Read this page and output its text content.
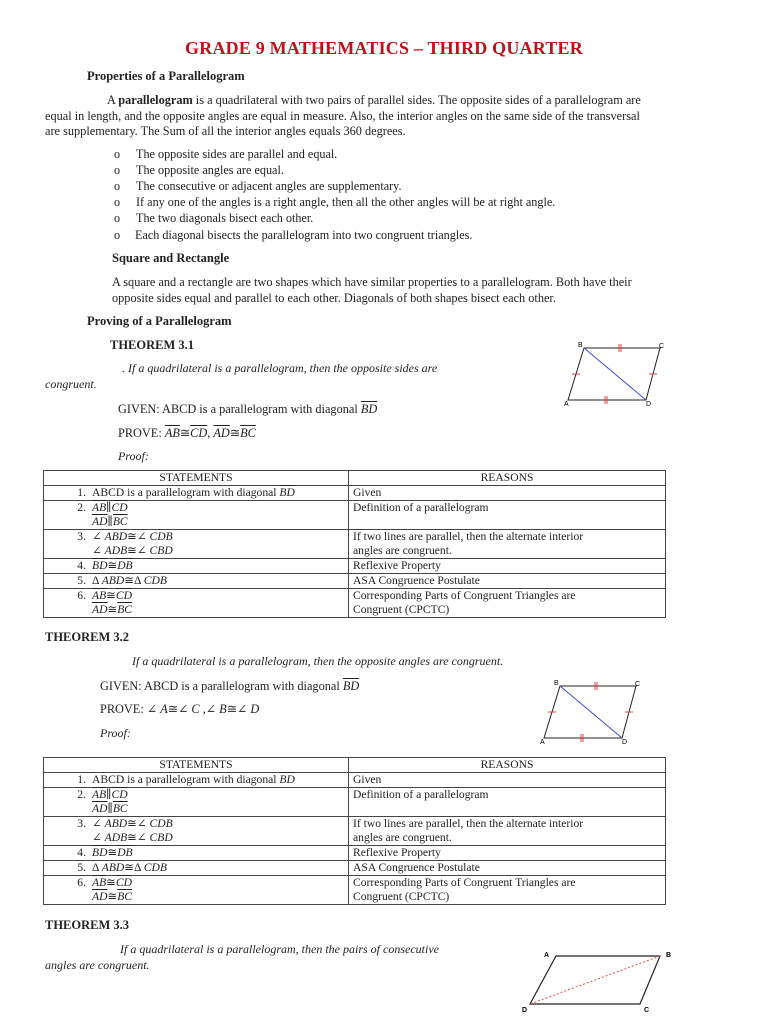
GRADE 9 MATHEMATICS – THIRD QUARTER
Properties of a Parallelogram
A parallelogram is a quadrilateral with two pairs of parallel sides. The opposite sides of a parallelogram are
equal in length, and the opposite angles are equal in measure. Also, the interior angles on the same side of the transversal
are supplementary. The Sum of all the interior angles equals 360 degrees.
o The opposite sides are parallel and equal.
o The opposite angles are equal.
o The consecutive or adjacent angles are supplementary.
o If any one of the angles is a right angle, then all the other angles will be at right angle.
o The two diagonals bisect each other.
o Each diagonal bisects the parallelogram into two congruent triangles.
Square and Rectangle
A square and a rectangle are two shapes which have similar properties to a parallelogram. Both have their
opposite sides equal and parallel to each other. Diagonals of both shapes bisect each other.
Proving of a Parallelogram
THEOREM 3.1
. If a quadrilateral is a parallelogram, then the opposite sides are
congruent.
GIVEN: ABCD is a parallelogram with diagonal $\overline{BD}$
PROVE: $\overline{AB}≅\overline{CD}$, $\overline{AD}≅\overline{BC}$
Proof:
B	C
A	D
STATEMENTS	REASONS
1. ABCD is a parallelogram with diagonal $\overline{BD}$	Given
2. $\overline{AB}\parallel\overline{CD}$
$\overline{AD}\parallel\overline{BC}$	Definition of a parallelogram
3. ∠ ABD≅∠ CDB
∠ ADB≅∠ CBD	If two lines are parallel, then the alternate interior
angles are congruent.
4. $\overline{BD}≅\overline{DB}$	Reflexive Property
5. Δ ABD≅Δ CDB	ASA Congruence Postulate
6. $\overline{AB}≅\overline{CD}$
$\overline{AD}≅\overline{BC}$	Corresponding Parts of Congruent Triangles are
Congruent (CPCTC)
THEOREM 3.2
If a quadrilateral is a parallelogram, then the opposite angles are congruent.
GIVEN: ABCD is a parallelogram with diagonal $\overline{BD}$
PROVE: ∠ A≅∠ C ,∠ B≅∠ D
Proof:
B	C
A	D
STATEMENTS	REASONS
1. ABCD is a parallelogram with diagonal $\overline{BD}$	Given
2. $\overline{AB}\parallel\overline{CD}$
$\overline{AD}\parallel\overline{BC}$	Definition of a parallelogram
3. ∠ ABD≅∠ CDB
∠ ADB≅∠ CBD	If two lines are parallel, then the alternate interior
angles are congruent.
4. $\overline{BD}≅\overline{DB}$	Reflexive Property
5. Δ ABD≅Δ CDB	ASA Congruence Postulate
6. $\overline{AB}≅\overline{CD}$
$\overline{AD}≅\overline{BC}$	Corresponding Parts of Congruent Triangles are
Congruent (CPCTC)
THEOREM 3.3
If a quadrilateral is a parallelogram, then the pairs of consecutive
angles are congruent.
A	B
D	C
